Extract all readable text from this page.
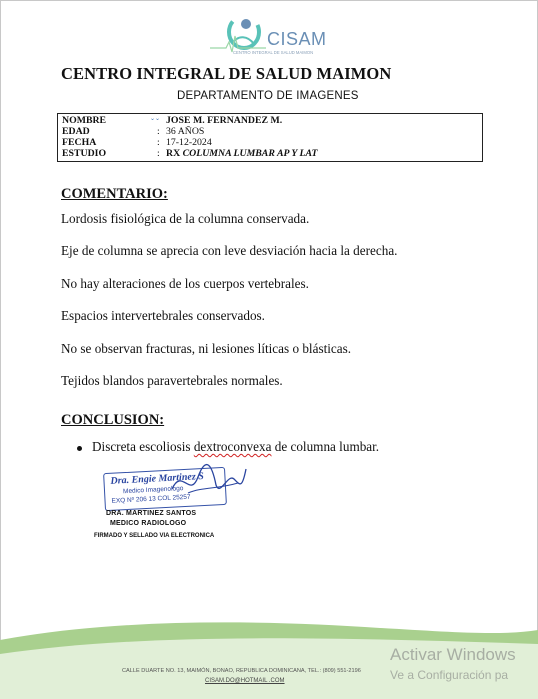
CISAM
CENTRO INTEGRAL DE SALUD MAIMON
CENTRO INTEGRAL DE SALUD MAIMON
DEPARTAMENTO DE IMAGENES
NOMBRE	⌄⌄ JOSE M. FERNANDEZ M.
EDAD	: 36 AÑOS
FECHA	: 17-12-2024
ESTUDIO	: RX COLUMNA LUMBAR AP Y LAT
COMENTARIO:
Lordosis fisiológica de la columna conservada.
Eje de columna se aprecia con leve desviación hacia la derecha.
No hay alteraciones de los cuerpos vertebrales.
Espacios intervertebrales conservados.
No se observan fracturas, ni lesiones líticas o blásticas.
Tejidos blandos paravertebrales normales.
CONCLUSION:
Discreta escoliosis dextroconvexa de columna lumbar.
Dra. Engie Martinez S
Medico Imagenologo
EXQ Nº 206 13 COL 25257
DRA. MARTINEZ SANTOS
MEDICO RADIOLOGO
FIRMADO Y SELLADO VIA ELECTRONICA
CALLE DUARTE NO. 13, MAIMÓN, BONAO, REPUBLICA DOMINICANA, TEL.: (809) 551-2196
CISAM.DO@HOTMAIL .COM
Activar Windows
Ve a Configuración pa
